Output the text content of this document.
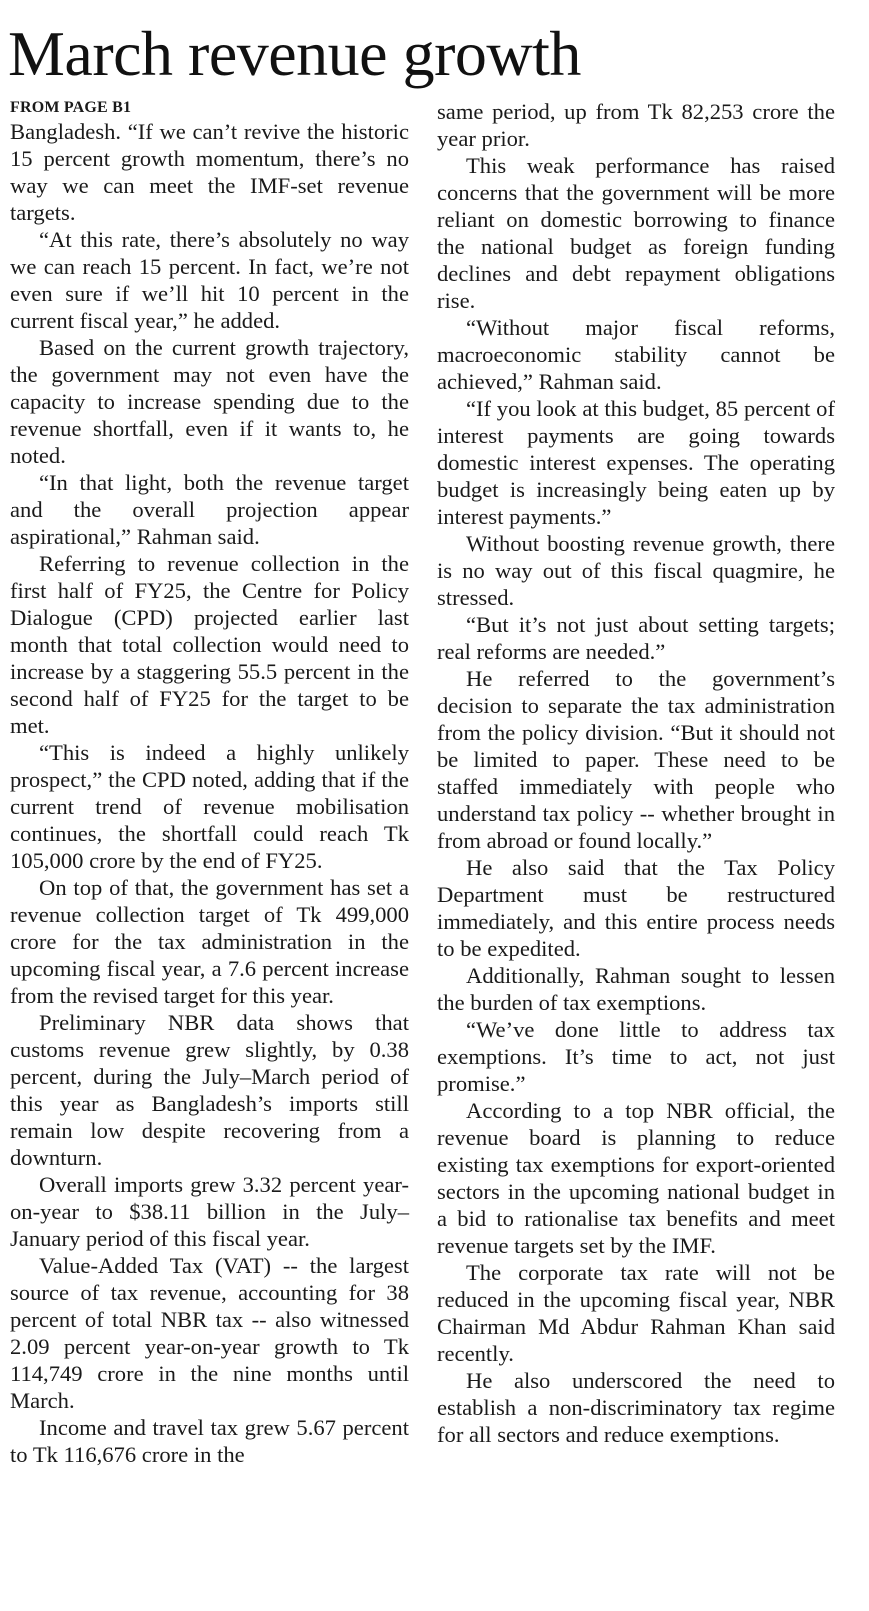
March revenue growth

FROM PAGE B1

Bangladesh. “If we can’t revive the historic 15 percent growth momentum, there’s no way we can meet the IMF-set revenue targets.

“At this rate, there’s absolutely no way we can reach 15 percent. In fact, we’re not even sure if we’ll hit 10 percent in the current fiscal year,” he added.

Based on the current growth trajectory, the government may not even have the capacity to increase spending due to the revenue shortfall, even if it wants to, he noted.

“In that light, both the revenue target and the overall projection appear aspirational,” Rahman said.

Referring to revenue collection in the first half of FY25, the Centre for Policy Dialogue (CPD) projected earlier last month that total collection would need to increase by a staggering 55.5 percent in the second half of FY25 for the target to be met.

“This is indeed a highly unlikely prospect,” the CPD noted, adding that if the current trend of revenue mobilisation continues, the shortfall could reach Tk 105,000 crore by the end of FY25.

On top of that, the government has set a revenue collection target of Tk 499,000 crore for the tax administration in the upcoming fiscal year, a 7.6 percent increase from the revised target for this year.

Preliminary NBR data shows that customs revenue grew slightly, by 0.38 percent, during the July–March period of this year as Bangladesh’s imports still remain low despite recovering from a downturn.

Overall imports grew 3.32 percent year-on-year to $38.11 billion in the July–January period of this fiscal year.

Value-Added Tax (VAT) -- the largest source of tax revenue, accounting for 38 percent of total NBR tax -- also witnessed 2.09 percent year-on-year growth to Tk 114,749 crore in the nine months until March.

Income and travel tax grew 5.67 percent to Tk 116,676 crore in the

same period, up from Tk 82,253 crore the year prior.

This weak performance has raised concerns that the government will be more reliant on domestic borrowing to finance the national budget as foreign funding declines and debt repayment obligations rise.

“Without major fiscal reforms, macroeconomic stability cannot be achieved,” Rahman said.

“If you look at this budget, 85 percent of interest payments are going towards domestic interest expenses. The operating budget is increasingly being eaten up by interest payments.”

Without boosting revenue growth, there is no way out of this fiscal quagmire, he stressed.

“But it’s not just about setting targets; real reforms are needed.”

He referred to the government’s decision to separate the tax administration from the policy division. “But it should not be limited to paper. These need to be staffed immediately with people who understand tax policy -- whether brought in from abroad or found locally.”

He also said that the Tax Policy Department must be restructured immediately, and this entire process needs to be expedited.

Additionally, Rahman sought to lessen the burden of tax exemptions.

“We’ve done little to address tax exemptions. It’s time to act, not just promise.”

According to a top NBR official, the revenue board is planning to reduce existing tax exemptions for export-oriented sectors in the upcoming national budget in a bid to rationalise tax benefits and meet revenue targets set by the IMF.

The corporate tax rate will not be reduced in the upcoming fiscal year, NBR Chairman Md Abdur Rahman Khan said recently.

He also underscored the need to establish a non-discriminatory tax regime for all sectors and reduce exemptions.
